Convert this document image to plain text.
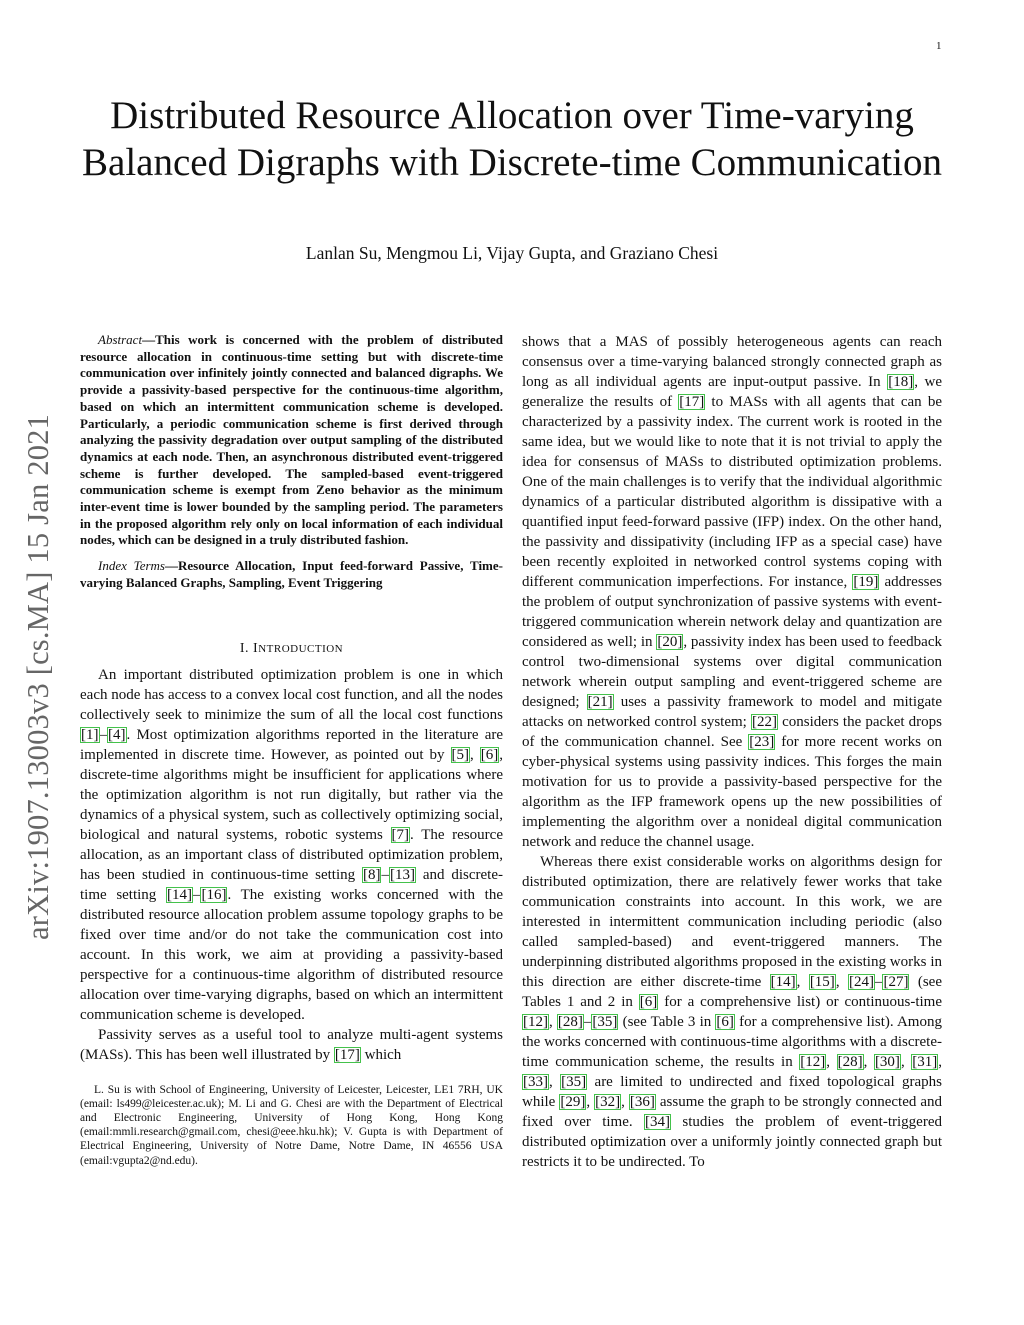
1
arXiv:1907.13003v3 [cs.MA] 15 Jan 2021
Distributed Resource Allocation over Time-varying Balanced Digraphs with Discrete-time Communication
Lanlan Su, Mengmou Li, Vijay Gupta, and Graziano Chesi

Abstract—This work is concerned with the problem of distributed resource allocation in continuous-time setting but with discrete-time communication over infinitely jointly connected and balanced digraphs. We provide a passivity-based perspective for the continuous-time algorithm, based on which an intermittent communication scheme is developed. Particularly, a periodic communication scheme is first derived through analyzing the passivity degradation over output sampling of the distributed dynamics at each node. Then, an asynchronous distributed event-triggered scheme is further developed. The sampled-based event-triggered communication scheme is exempt from Zeno behavior as the minimum inter-event time is lower bounded by the sampling period. The parameters in the proposed algorithm rely only on local information of each individual nodes, which can be designed in a truly distributed fashion.

Index Terms—Resource Allocation, Input feed-forward Passive, Time-varying Balanced Graphs, Sampling, Event Triggering

I. INTRODUCTION

An important distributed optimization problem is one in which each node has access to a convex local cost function, and all the nodes collectively seek to minimize the sum of all the local cost functions [1]–[4]. Most optimization algorithms reported in the literature are implemented in discrete time. However, as pointed out by [5], [6], discrete-time algorithms might be insufficient for applications where the optimization algorithm is not run digitally, but rather via the dynamics of a physical system, such as collectively optimizing social, biological and natural systems, robotic systems [7]. The resource allocation, as an important class of distributed optimization problem, has been studied in continuous-time setting [8]–[13] and discrete-time setting [14]–[16]. The existing works concerned with the distributed resource allocation problem assume topology graphs to be fixed over time and/or do not take the communication cost into account. In this work, we aim at providing a passivity-based perspective for a continuous-time algorithm of distributed resource allocation over time-varying digraphs, based on which an intermittent communication scheme is developed.

Passivity serves as a useful tool to analyze multi-agent systems (MASs). This has been well illustrated by [17] which

L. Su is with School of Engineering, University of Leicester, Leicester, LE1 7RH, UK (email: ls499@leicester.ac.uk); M. Li and G. Chesi are with the Department of Electrical and Electronic Engineering, University of Hong Kong, Hong Kong (email:mmli.research@gmail.com, chesi@eee.hku.hk); V. Gupta is with Department of Electrical Engineering, University of Notre Dame, Notre Dame, IN 46556 USA (email:vgupta2@nd.edu).

shows that a MAS of possibly heterogeneous agents can reach consensus over a time-varying balanced strongly connected graph as long as all individual agents are input-output passive. In [18], we generalize the results of [17] to MASs with all agents that can be characterized by a passivity index. The current work is rooted in the same idea, but we would like to note that it is not trivial to apply the idea for consensus of MASs to distributed optimization problems. One of the main challenges is to verify that the individual algorithmic dynamics of a particular distributed algorithm is dissipative with a quantified input feed-forward passive (IFP) index. On the other hand, the passivity and dissipativity (including IFP as a special case) have been recently exploited in networked control systems coping with different communication imperfections. For instance, [19] addresses the problem of output synchronization of passive systems with event-triggered communication wherein network delay and quantization are considered as well; in [20], passivity index has been used to feedback control two-dimensional systems over digital communication network wherein output sampling and event-triggered scheme are designed; [21] uses a passivity framework to model and mitigate attacks on networked control system; [22] considers the packet drops of the communication channel. See [23] for more recent works on cyber-physical systems using passivity indices. This forges the main motivation for us to provide a passivity-based perspective for the algorithm as the IFP framework opens up the new possibilities of implementing the algorithm over a nonideal digital communication network and reduce the channel usage.

Whereas there exist considerable works on algorithms design for distributed optimization, there are relatively fewer works that take communication constraints into account. In this work, we are interested in intermittent communication including periodic (also called sampled-based) and event-triggered manners. The underpinning distributed algorithms proposed in the existing works in this direction are either discrete-time [14], [15], [24]–[27] (see Tables 1 and 2 in [6] for a comprehensive list) or continuous-time [12], [28]–[35] (see Table 3 in [6] for a comprehensive list). Among the works concerned with continuous-time algorithms with a discrete-time communication scheme, the results in [12], [28], [30], [31], [33], [35] are limited to undirected and fixed topological graphs while [29], [32], [36] assume the graph to be strongly connected and fixed over time. [34] studies the problem of event-triggered distributed optimization over a uniformly jointly connected graph but restricts it to be undirected. To
